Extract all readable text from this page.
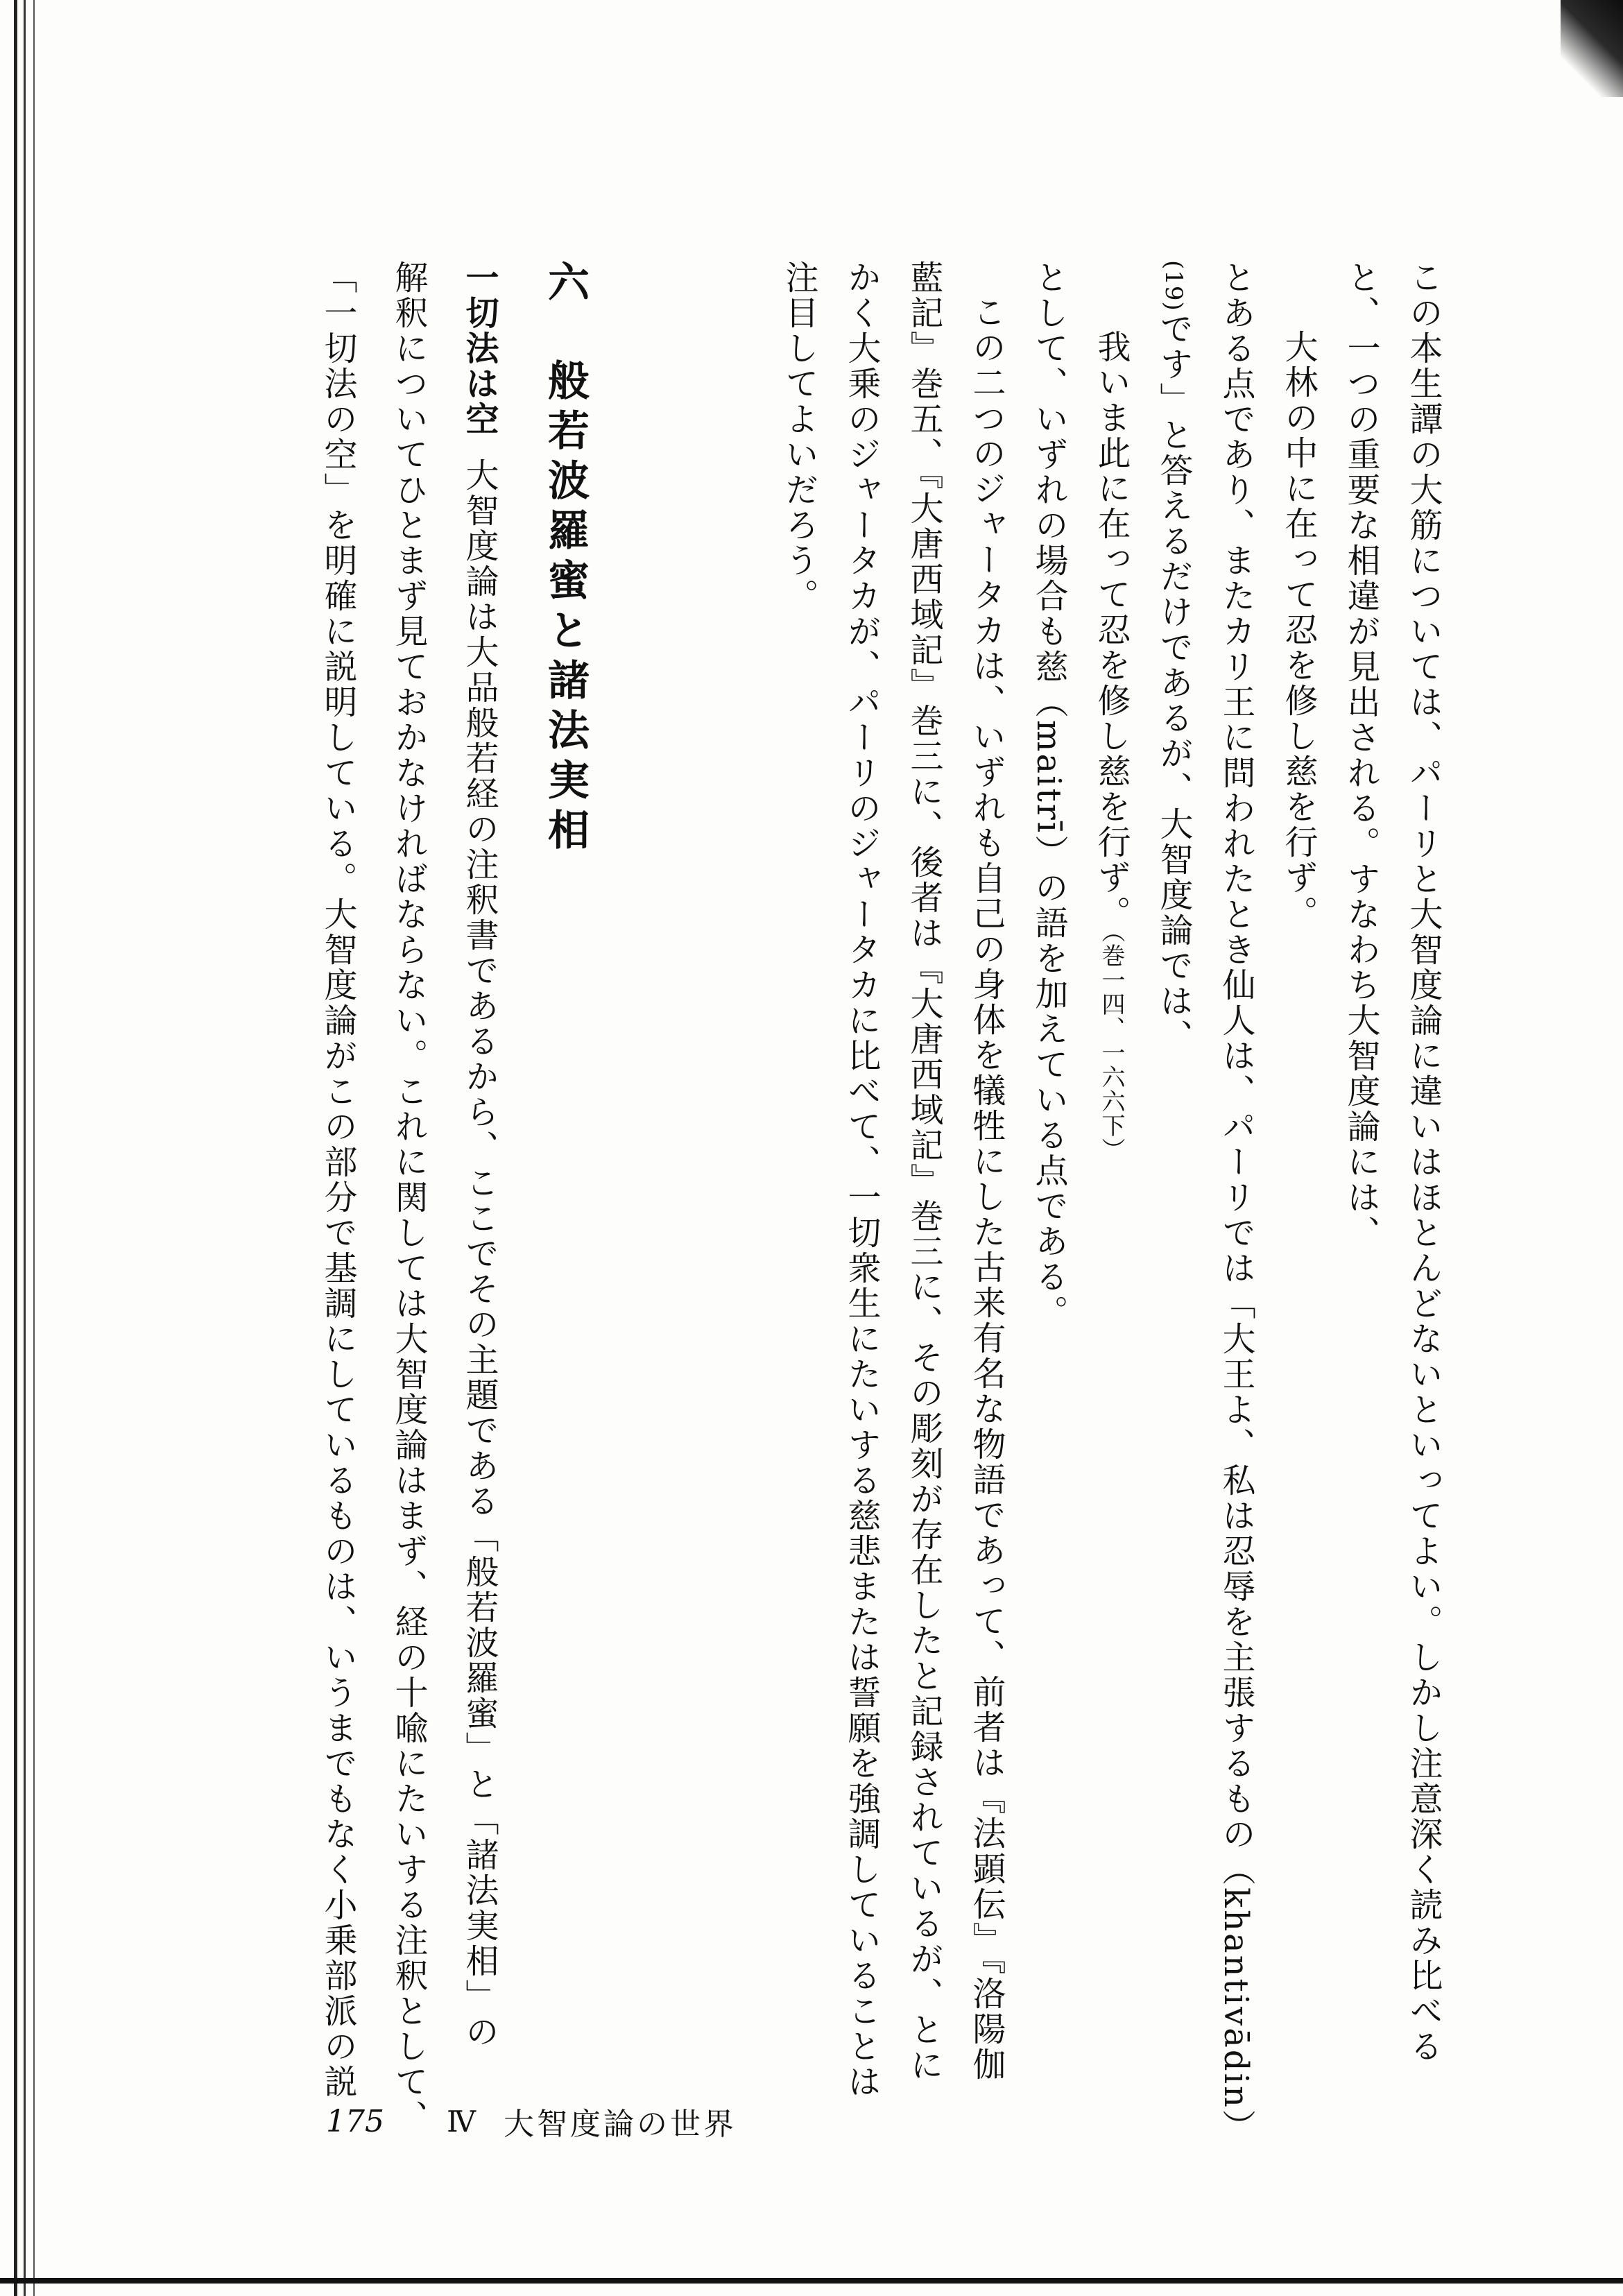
この本生譚の大筋については、パーリと大智度論に違いはほとんどないといってよい。しかし注意深く読み比べる
と、一つの重要な相違が見出される。すなわち大智度論には、
大林の中に在って忍を修し慈を行ず。
とある点であり、またカリ王に問われたとき仙人は、パーリでは「大王よ、私は忍辱を主張するもの（khantivādin）
(19)です」と答えるだけであるが、大智度論では、
我いま此に在って忍を修し慈を行ず。（巻一四、一六六下）
として、いずれの場合も慈（maitrī）の語を加えている点である。
この二つのジャータカは、いずれも自己の身体を犠牲にした古来有名な物語であって、前者は『法顕伝』『洛陽伽
藍記』巻五、『大唐西域記』巻三に、後者は『大唐西域記』巻三に、その彫刻が存在したと記録されているが、とに
かく大乗のジャータカが、パーリのジャータカに比べて、一切衆生にたいする慈悲または誓願を強調していることは
注目してよいだろう。
六般若波羅蜜と諸法実相
一切法は空大智度論は大品般若経の注釈書であるから、ここでその主題である「般若波羅蜜」と「諸法実相」の
解釈についてひとまず見ておかなければならない。これに関しては大智度論はまず、経の十喩にたいする注釈として、
「一切法の空」を明確に説明している。大智度論がこの部分で基調にしているものは、いうまでもなく小乗部派の説
175 Ⅳ 大智度論の世界
